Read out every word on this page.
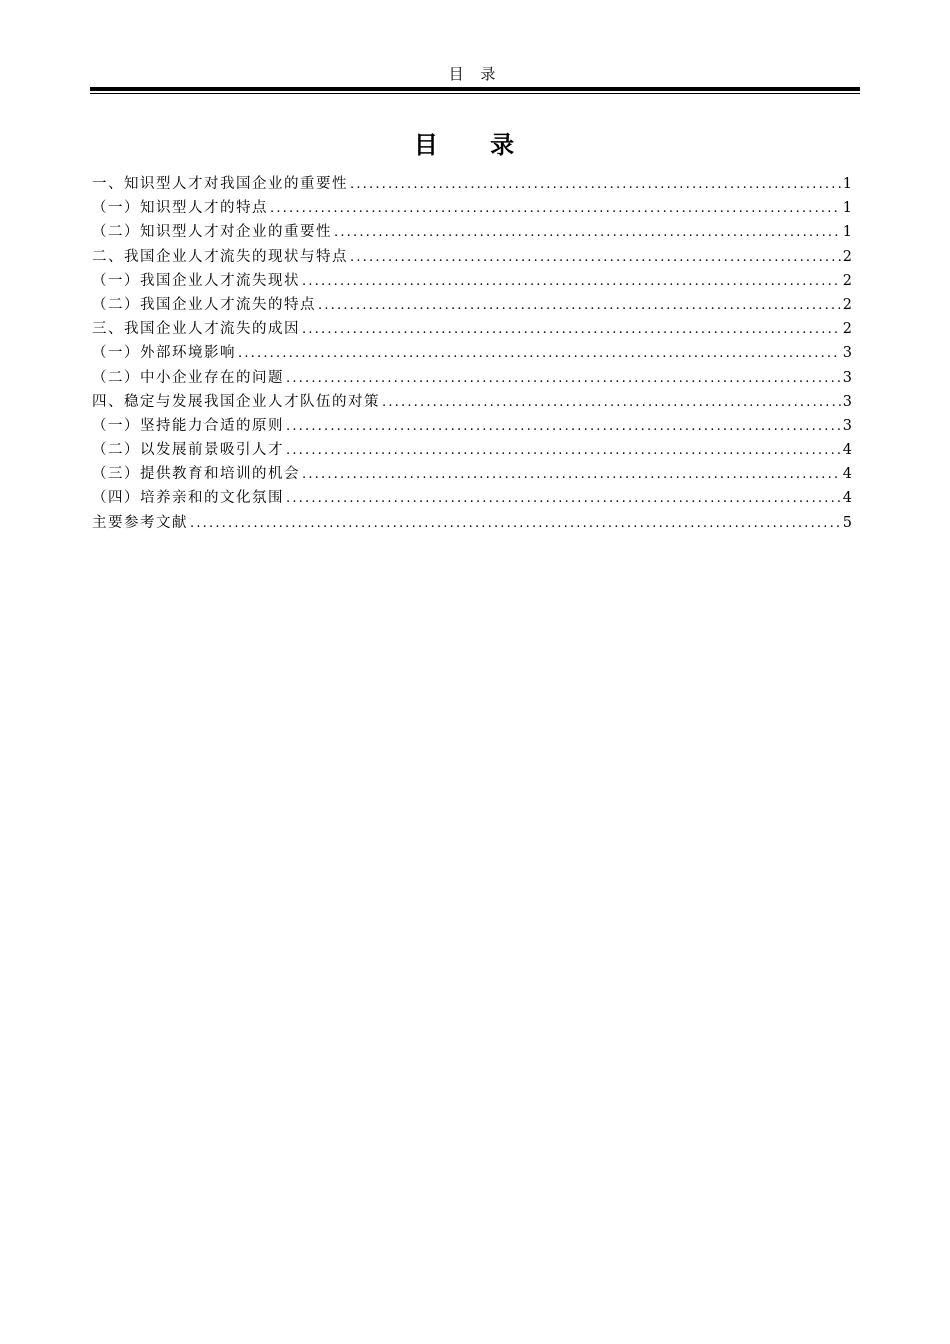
目 录
目 录
一、知识型人才对我国企业的重要性 .....	1
（一）知识型人才的特点 .....	1
（二）知识型人才对企业的重要性 .....	1
二、我国企业人才流失的现状与特点 .....	2
（一）我国企业人才流失现状 .....	2
（二）我国企业人才流失的特点 .....	2
三、我国企业人才流失的成因 .....	2
（一）外部环境影响 .....	3
（二）中小企业存在的问题 .....	3
四、稳定与发展我国企业人才队伍的对策 .....	3
（一）坚持能力合适的原则 .....	3
（二）以发展前景吸引人才 .....	4
（三）提供教育和培训的机会 .....	4
（四）培养亲和的文化氛围 .....	4
主要参考文献 .....	5
